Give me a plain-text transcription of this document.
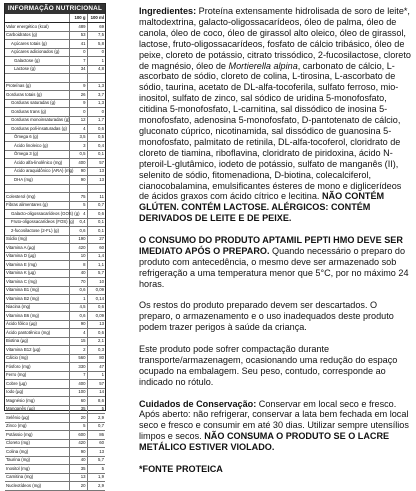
INFORMAÇÃO NUTRICIONAL
	100 g	100 ml
Valor energético (kcal)	489	69
Carboidratos (g)	53	7,5
Açúcares totais (g)	41	5,8
Açúcares adicionados (g)	0	0
Galactose (g)	7	1
Lactose (g)	34	4,8

Proteínas (g)	9	1,3
Gorduras totais (g)	26	3,7
Gorduras saturadas (g)	9	1,3
Gorduras trans (g)	0	0
Gorduras monoinsaturadas (g)	12	1,7
Gorduras poli-insaturadas (g)	4	0,6
Ômega 6 (g)	3,5	0,5
Ácido linoleico (g)	3	0,4
Ômega 3 (g)	0,5	0,1
Ácido alfa-linolênico (mg)	400	57
Ácido araquidônico (ARA) (mg)	90	13
DHA (mg)	90	13

Colesterol (mg)	75	11
Fibras alimentares (g)	5	0,7
Galacto-oligossacarídeos (GOS) (g)	4	0,6
Fruto-oligossacarídeos (FOS) (g)	0,4	0,1
2-fucosilactose (2-FL) (g)	0,6	0,1
Sódio (mg)	190	27
Vitamina A (µg)	420	60
Vitamina D (µg)	10	1,4
Vitamina E (mg)	8	1,1
Vitamina K (µg)	40	5,7
Vitamina C (mg)	70	10
Vitamina B1 (mg)	0,6	0,09
Vitamina B2 (mg)	1	0,14
Niacina (mg)	4,5	0,6
Vitamina B6 (mg)	0,6	0,09
Ácido fólico (µg)	90	13
Ácido pantotênico (mg)	4	0,6
Biotina (µg)	15	2,1
Vitamina B12 (µg)	2	0,3
Cálcio (mg)	560	80
Fósforo (mg)	330	47
Ferro (mg)	7	1
Cobre (µg)	400	57
Iodo (µg)	100	14
Magnésio (mg)	60	8,6
Manganês (µg)	35	5
Selênio (µg)	20	2,9
Zinco (mg)	5	0,7
Potássio (mg)	600	86
Cloreto (mg)	420	60
Colina (mg)	90	13
Taurina (mg)	40	5,7
Inositol (mg)	35	5
Carnitina (mg)	13	1,9
Nucleotídeos (mg)	20	2,9

Ingredientes: Proteína extensamente hidrolisada de soro de leite*, maltodextrina, galacto-oligossacarídeos, óleo de palma, óleo de canola, óleo de coco, óleo de girassol alto oleico, óleo de girassol, lactose, fruto-oligossacarídeos, fosfato de cálcio tribásico, óleo de peixe, cloreto de potássio, citrato trissódico, 2-fucosilactose, cloreto de magnésio, óleo de Mortierella alpina, carbonato de cálcio, L-ascorbato de sódio, cloreto de colina, L-tirosina, L-ascorbato de sódio, taurina, acetato de DL-alfa-tocoferila, sulfato ferroso, mio-inositol, sulfato de zinco, sal sódico de uridina 5-monofosfato, citidina 5-monofosfato, L-carnitina, sal dissódico de inosina 5-monofosfato, adenosina 5-monofosfato, D-pantotenato de cálcio, gluconato cúprico, nicotinamida, sal dissódico de guanosina 5-monofosfato, palmitato de retinila, DL-alfa-tocoferol, cloridrato de cloreto de tiamina, riboflavina, cloridrato de piridoxina, ácido N-pteroil-L-glutâmico, iodeto de potássio, sulfato de manganês (II), selenito de sódio, fitomenadiona, D-biotina, colecalciferol, cianocobalamina, emulsificantes ésteres de mono e diglicerídeos de ácidos graxos com ácido cítrico e lecitina. NÃO CONTÉM GLÚTEN. CONTÉM LACTOSE. ALÉRGICOS: CONTÉM DERIVADOS DE LEITE E DE PEIXE.

O CONSUMO DO PRODUTO APTAMIL PEPTI HMO DEVE SER IMEDIATO APÓS O PREPARO. Quando necessário o preparo do produto com antecedência, o mesmo deve ser armazenado sob refrigeração a uma temperatura menor que 5°C, por no máximo 24 horas.

Os restos do produto preparado devem ser descartados. O preparo, o armazenamento e o uso inadequados deste produto podem trazer perigos à saúde da criança.

Este produto pode sofrer compactação durante transporte/armazenagem, ocasionando uma redução do espaço ocupado na embalagem. Seu peso, contudo, corresponde ao indicado no rótulo.

Cuidados de Conservação: Conservar em local seco e fresco. Após aberto: não refrigerar, conservar a lata bem fechada em local seco e fresco e consumir em até 30 dias. Utilizar sempre utensílios limpos e secos. NÃO CONSUMA O PRODUTO SE O LACRE METÁLICO ESTIVER VIOLADO.

*FONTE PROTEICA
